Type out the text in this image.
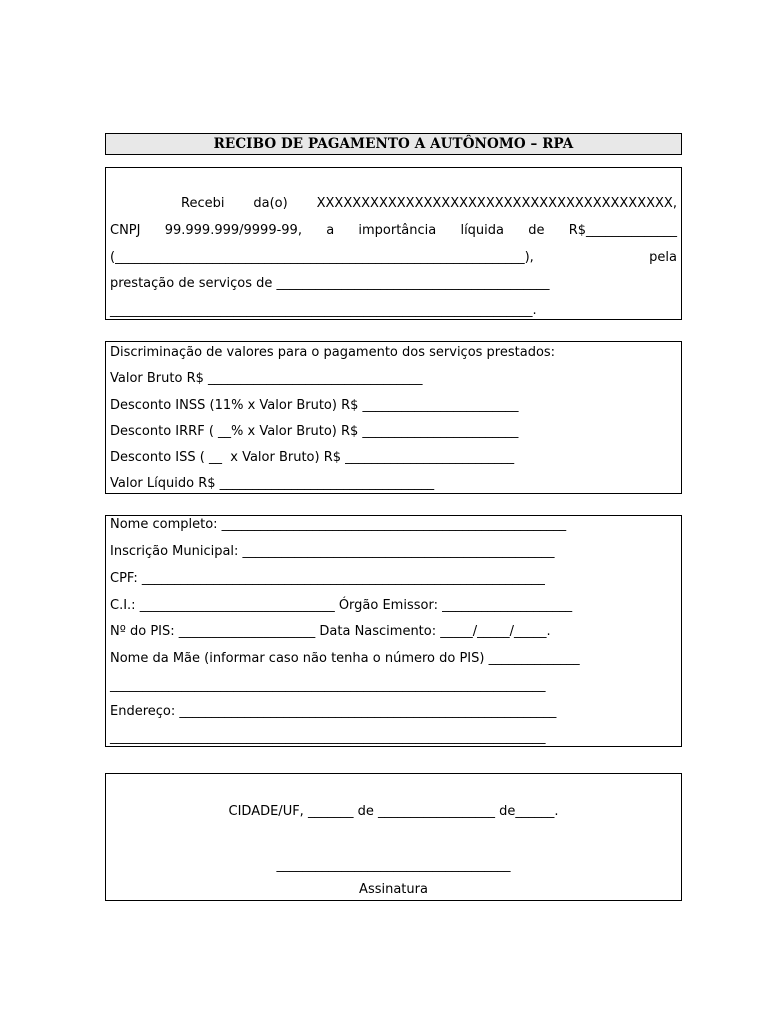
RECIBO DE PAGAMENTO A AUTÔNOMO – RPA
Recebi da(o) XXXXXXXXXXXXXXXXXXXXXXXXXXXXXXXXXXXXXXXX,
CNPJ 99.999.999/9999-99, a importância líquida de R$______________
(_______________________________________________________________),	pela
prestação de serviços de __________________________________________
_________________________________________________________________.
Discriminação de valores para o pagamento dos serviços prestados:
Valor Bruto R$ _________________________________
Desconto INSS (11% x Valor Bruto) R$ ________________________
Desconto IRRF ( __% x Valor Bruto) R$ ________________________
Desconto ISS ( __  x Valor Bruto) R$ __________________________
Valor Líquido R$ _________________________________
Nome completo: _____________________________________________________
Inscrição Municipal: ________________________________________________
CPF: ______________________________________________________________
C.I.: ______________________________ Órgão Emissor: ____________________
Nº do PIS: _____________________ Data Nascimento: _____/_____/_____.
Nome da Mãe (informar caso não tenha o número do PIS) ______________
___________________________________________________________________
Endereço: __________________________________________________________
___________________________________________________________________
CIDADE/UF, _______ de __________________ de______.
____________________________________
Assinatura
